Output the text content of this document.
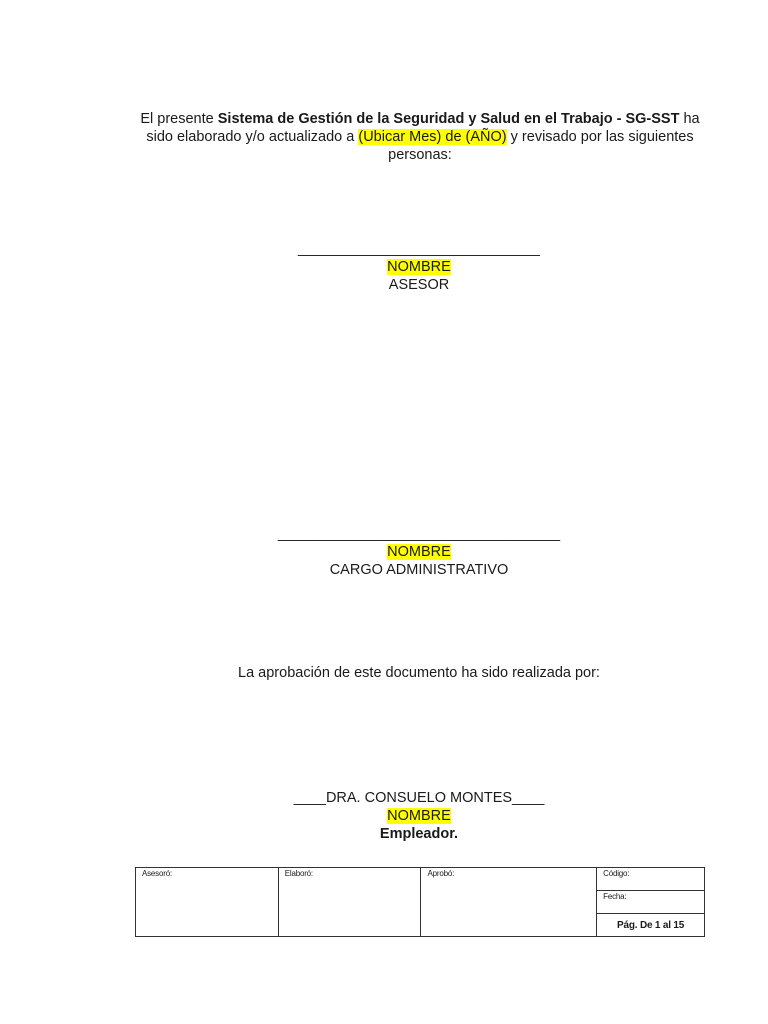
El presente Sistema de Gestión de la Seguridad y Salud en el Trabajo - SG-SST ha sido elaborado y/o actualizado a (Ubicar Mes) de (AÑO) y revisado por las siguientes personas:
______________________________
NOMBRE
ASESOR
___________________________________
NOMBRE
CARGO ADMINISTRATIVO
La aprobación de este documento ha sido realizada por:
____DRA. CONSUELO MONTES____
NOMBRE
Empleador.
Asesoró:	Elaboró:	Aprobó:	Código:
Fecha:
Pág. De 1 al 15
